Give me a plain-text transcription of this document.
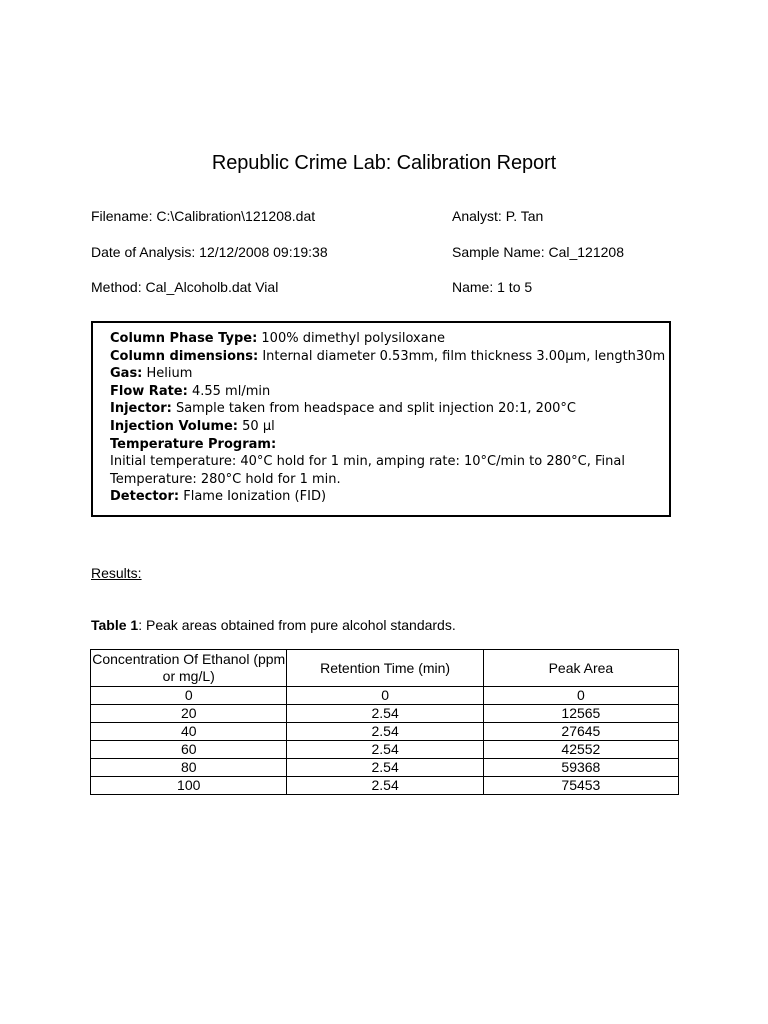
Republic Crime Lab: Calibration Report
Filename: C:\Calibration\121208.dat	Analyst: P. Tan
Date of Analysis: 12/12/2008 09:19:38	Sample Name: Cal_121208
Method: Cal_Alcoholb.dat Vial	Name: 1 to 5
Column Phase Type: 100% dimethyl polysiloxane
Column dimensions: Internal diameter 0.53mm, film thickness 3.00μm, length30m
Gas: Helium
Flow Rate: 4.55 ml/min
Injector: Sample taken from headspace and split injection 20:1, 200°C
Injection Volume: 50 μl
Temperature Program:
Initial temperature: 40°C hold for 1 min, amping rate: 10°C/min to 280°C, Final Temperature: 280°C hold for 1 min.
Detector: Flame Ionization (FID)
Results:
Table 1: Peak areas obtained from pure alcohol standards.
Concentration Of Ethanol (ppm or mg/L)	Retention Time (min)	Peak Area
0	0	0
20	2.54	12565
40	2.54	27645
60	2.54	42552
80	2.54	59368
100	2.54	75453
